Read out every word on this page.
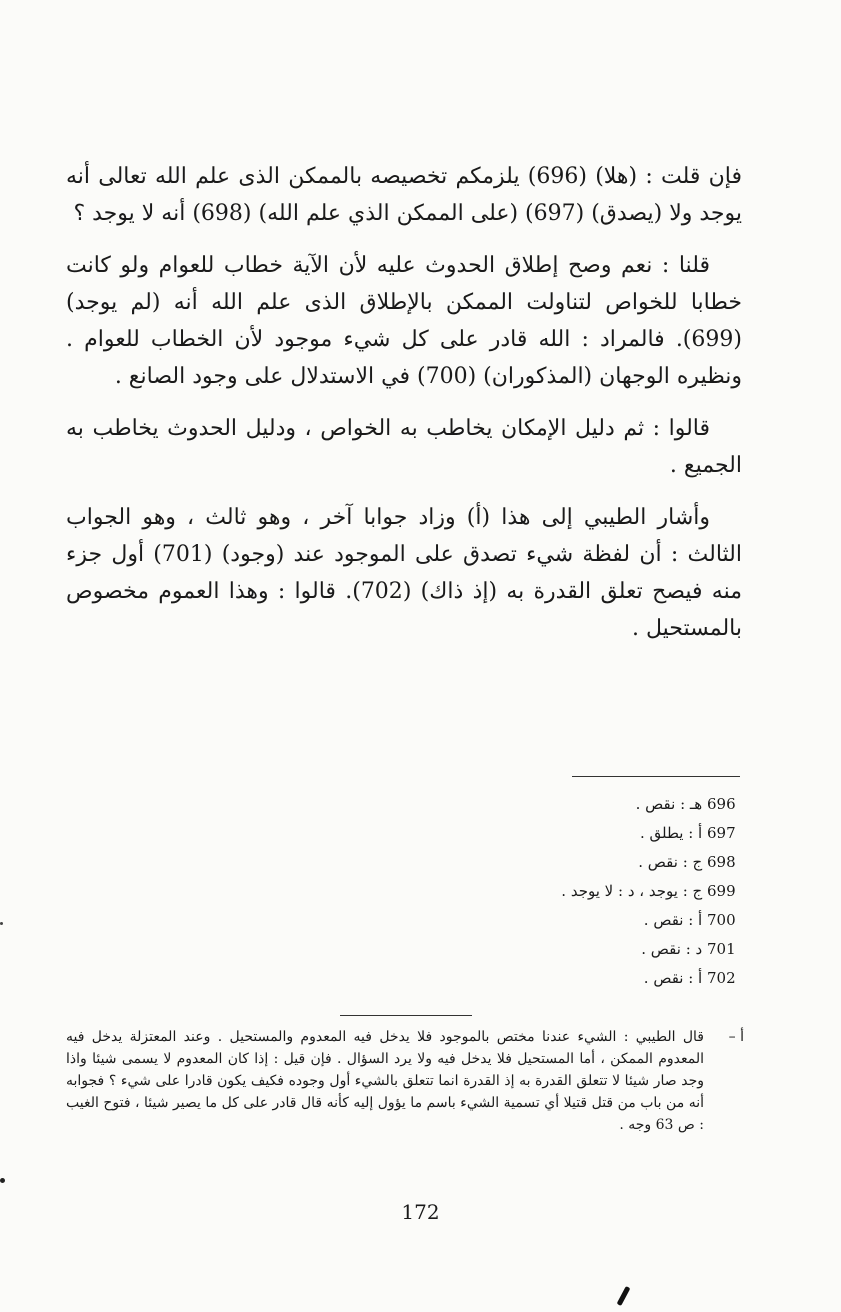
فإن قلت : (هلا) (696) يلزمكم تخصيصه بالممكن الذى علم الله تعالى أنه يوجد ولا (يصدق) (697) (على الممكن الذي علم الله) (698) أنه لا يوجد ؟

قلنا : نعم وصح إطلاق الحدوث عليه لأن الآية خطاب للعوام ولو كانت خطابا للخواص لتناولت الممكن بالإطلاق الذى علم الله أنه (لم يوجد) (699). فالمراد : الله قادر على كل شيء موجود لأن الخطاب للعوام . ونظيره الوجهان (المذكوران) (700) في الاستدلال على وجود الصانع .

قالوا : ثم دليل الإمكان يخاطب به الخواص ، ودليل الحدوث يخاطب به الجميع .

وأشار الطيبي إلى هذا (أ) وزاد جوابا آخر ، وهو ثالث ، وهو الجواب الثالث : أن لفظة شيء تصدق على الموجود عند (وجود) (701) أول جزء منه فيصح تعلق القدرة به (إذ ذاك) (702). قالوا : وهذا العموم مخصوص بالمستحيل .

696 هـ : نقص .
697 أ : يطلق .
698 ج : نقص .
699 ج : يوجد ، د : لا يوجد .
700 أ : نقص .
701 د : نقص .
702 أ : نقص .
أ –

قال الطيبي : الشيء عندنا مختص بالموجود فلا يدخل فيه المعدوم والمستحيل . وعند المعتزلة يدخل فيه المعدوم الممكن ، أما المستحيل فلا يدخل فيه ولا يرد السؤال . فإن قيل : إذا كان المعدوم لا يسمى شيئا واذا وجد صار شيئا لا تتعلق القدرة به إذ القدرة انما تتعلق بالشيء أول وجوده فكيف يكون قادرا على شيء ؟ فجوابه أنه من باب من قتل قتيلا أي تسمية الشيء باسم ما يؤول إليه كأنه قال قادر على كل ما يصير شيئا ، فتوح الغيب : ص 63 وجه .

172
